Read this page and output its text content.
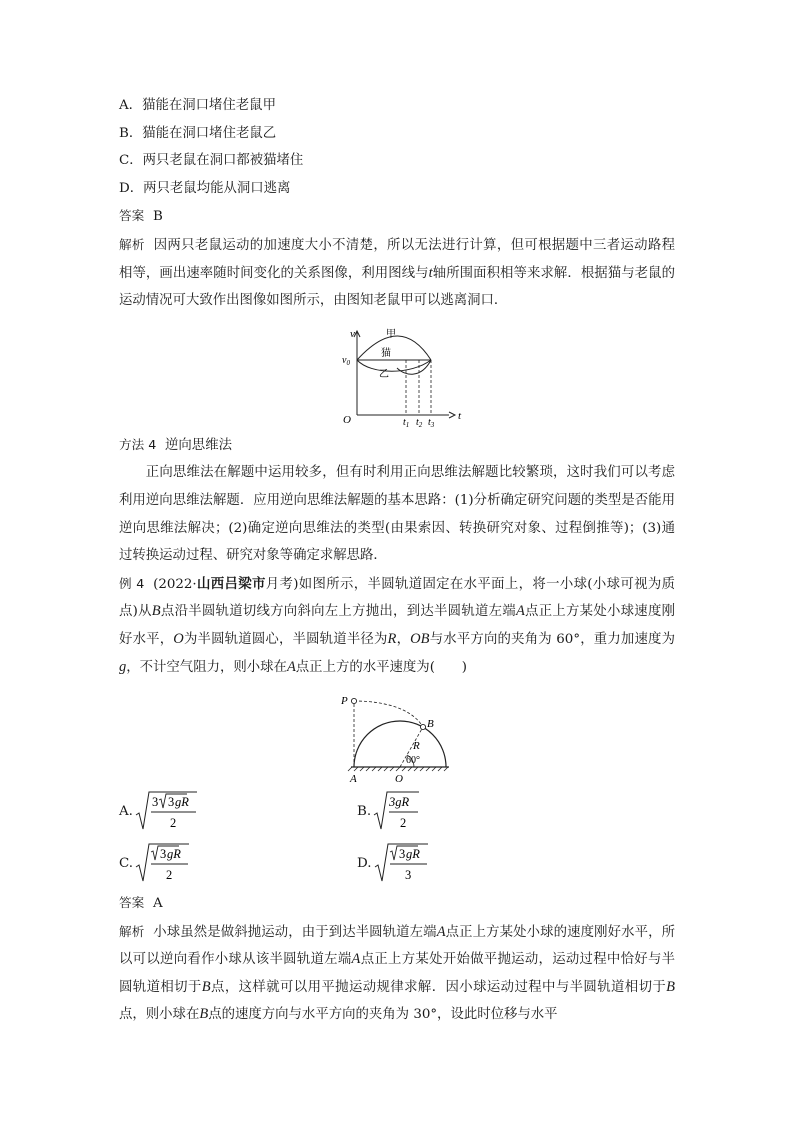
A．猫能在洞口堵住老鼠甲
B．猫能在洞口堵住老鼠乙
C．两只老鼠在洞口都被猫堵住
D．两只老鼠均能从洞口逃离
答案 B
解析 因两只老鼠运动的加速度大小不清楚，所以无法进行计算，但可根据题中三者运动路程相等，画出速率随时间变化的关系图像，利用图线与t轴所围面积相等来求解．根据猫与老鼠的运动情况可大致作出图像如图所示，由图知老鼠甲可以逃离洞口．
v
t
O
$v_0$
甲
猫
乙
$t_1$ $t_2$ $t_3$
方法 4 逆向思维法
正向思维法在解题中运用较多，但有时利用正向思维法解题比较繁琐，这时我们可以考虑利用逆向思维法解题．应用逆向思维法解题的基本思路：(1)分析确定研究问题的类型是否能用逆向思维法解决；(2)确定逆向思维法的类型(由果索因、转换研究对象、过程倒推等)；(3)通过转换运动过程、研究对象等确定求解思路．
例 4 (2022·山西吕梁市月考)如图所示，半圆轨道固定在水平面上，将一小球(小球可视为质点)从B点沿半圆轨道切线方向斜向左上方抛出，到达半圆轨道左端A点正上方某处小球速度刚好水平，O为半圆轨道圆心，半圆轨道半径为R，OB与水平方向的夹角为 60°，重力加速度为g，不计空气阻力，则小球在A点正上方的水平速度为(　　)
P
B
R
60°
A	O
A.
3 3 gR
2
B.
3gR
2
C.
3 gR
2
D.
3 gR
3
答案 A
解析 小球虽然是做斜抛运动，由于到达半圆轨道左端A点正上方某处小球的速度刚好水平，所以可以逆向看作小球从该半圆轨道左端A点正上方某处开始做平抛运动，运动过程中恰好与半圆轨道相切于B点，这样就可以用平抛运动规律求解．因小球运动过程中与半圆轨道相切于B点，则小球在B点的速度方向与水平方向的夹角为 30°，设此时位移与水平
